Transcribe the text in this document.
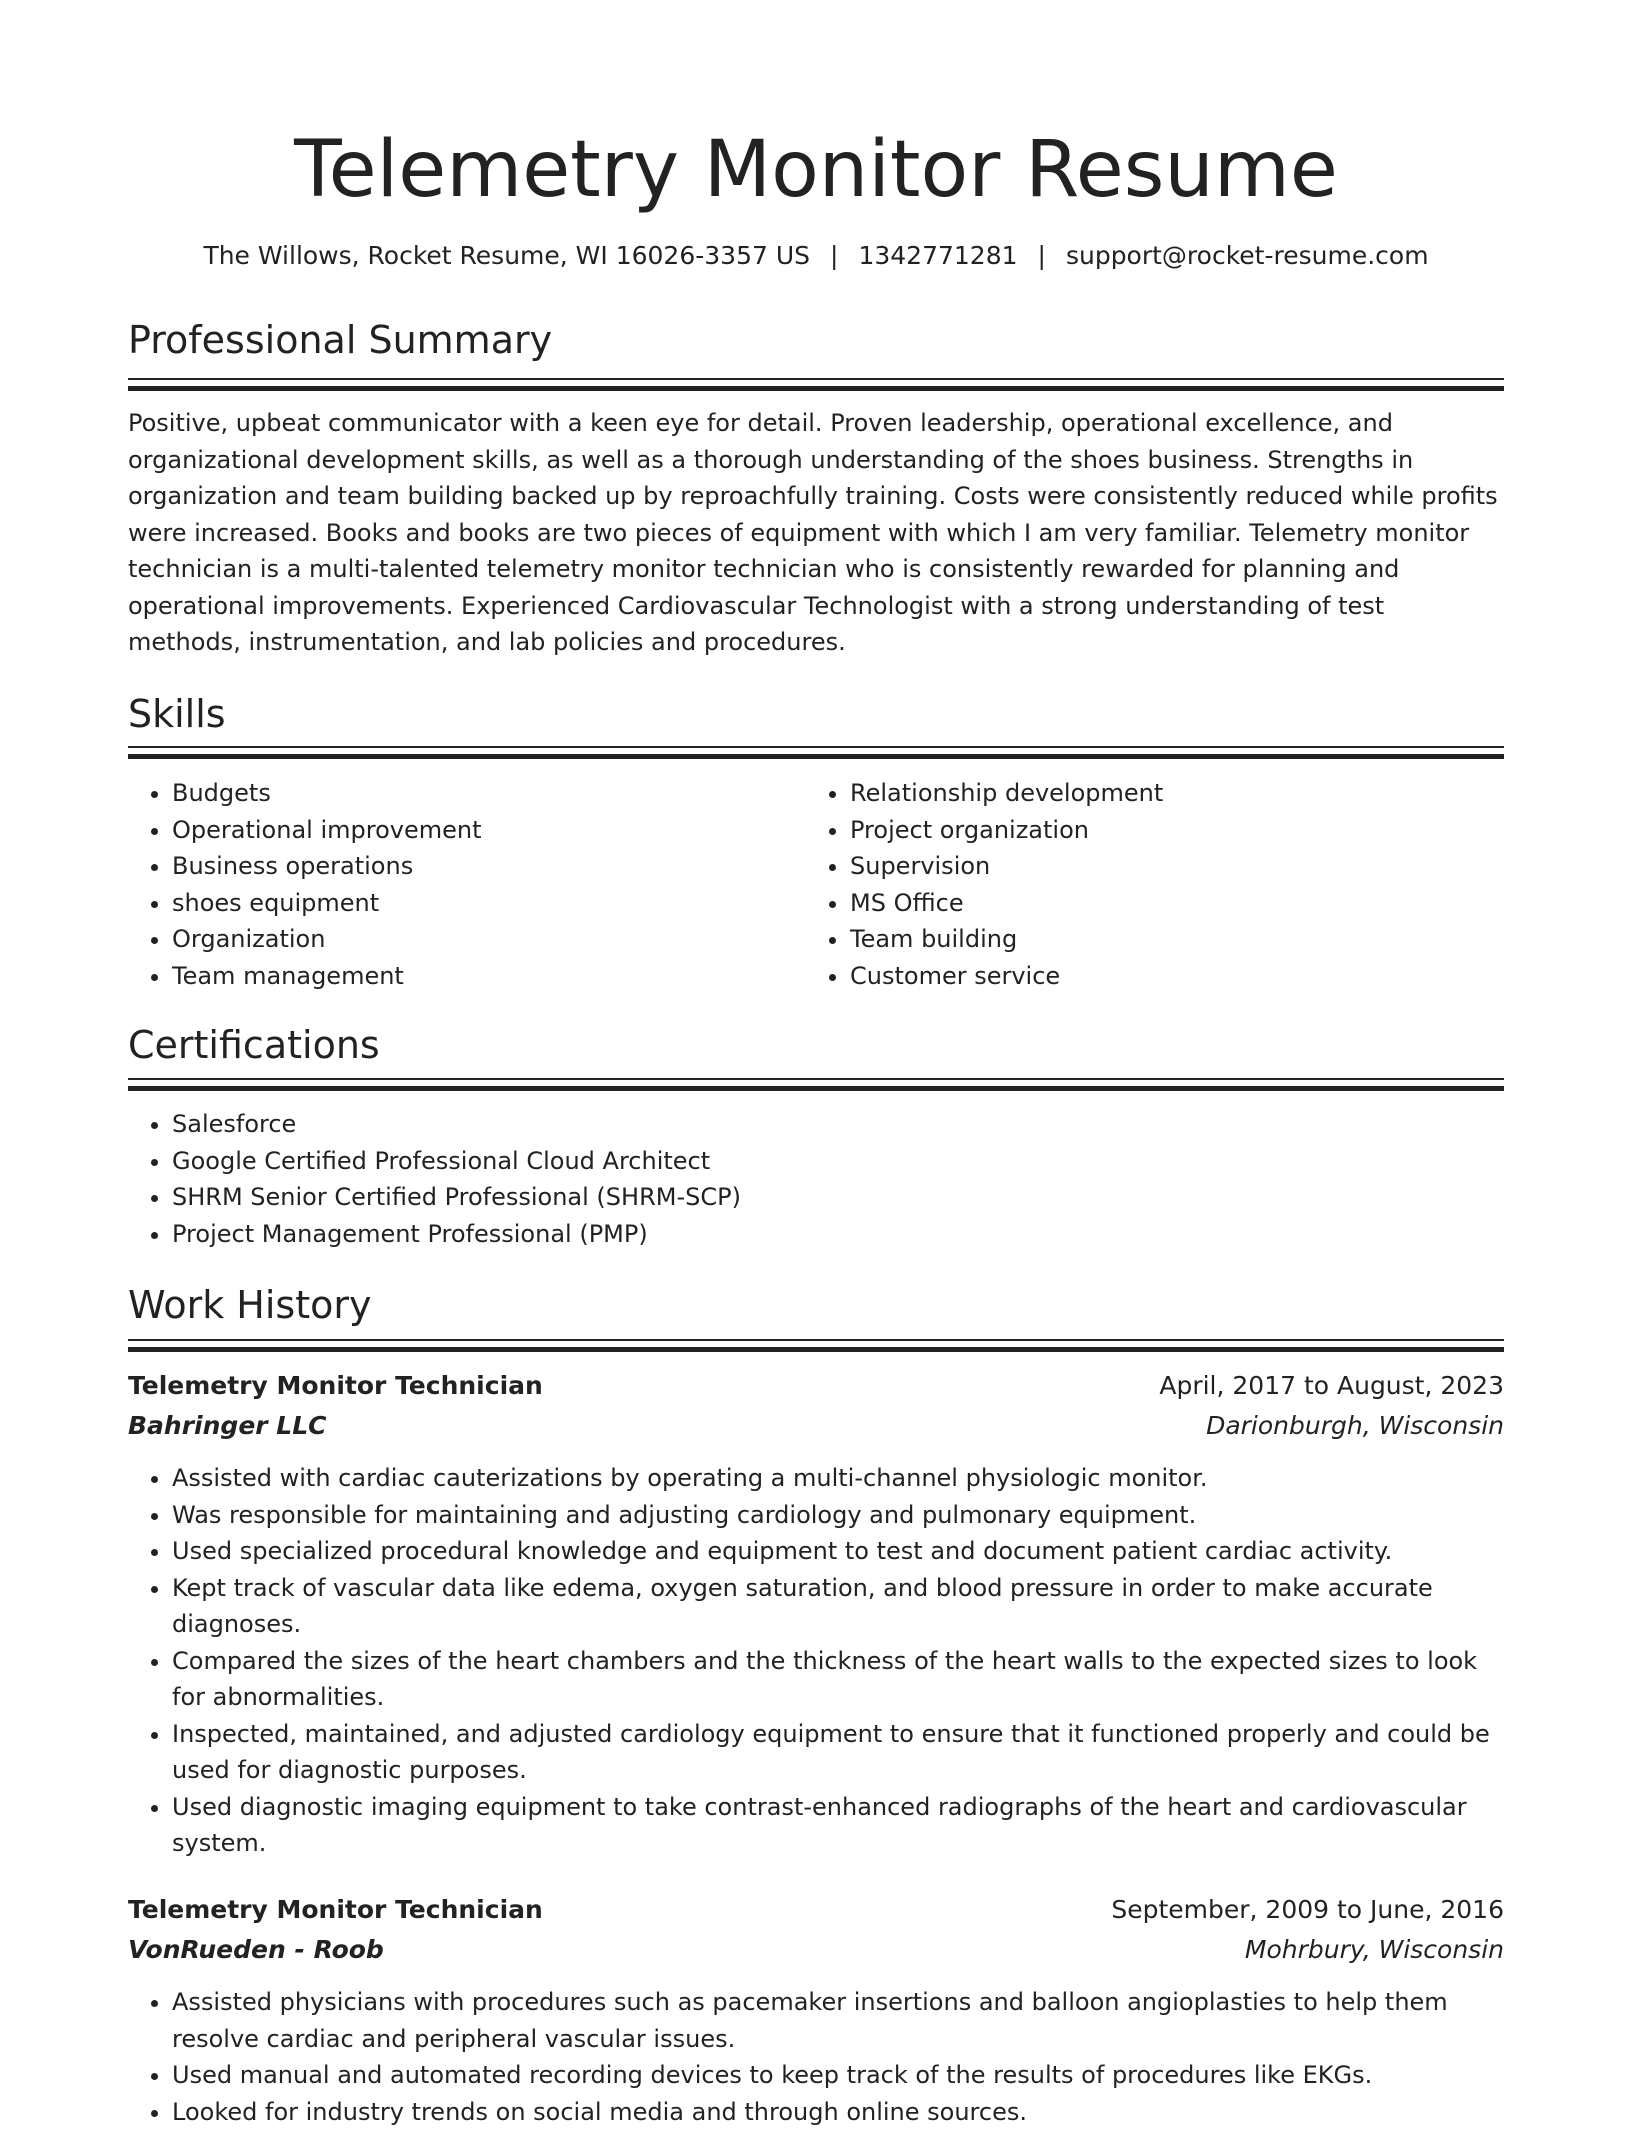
Telemetry Monitor Resume
The Willows, Rocket Resume, WI 16026-3357 US | 1342771281 | support@rocket-resume.com
Professional Summary

Positive, upbeat communicator with a keen eye for detail. Proven leadership, operational excellence, and organizational development skills, as well as a thorough understanding of the shoes business. Strengths in organization and team building backed up by reproachfully training. Costs were consistently reduced while profits were increased. Books and books are two pieces of equipment with which I am very familiar. Telemetry monitor technician is a multi-talented telemetry monitor technician who is consistently rewarded for planning and operational improvements. Experienced Cardiovascular Technologist with a strong understanding of test methods, instrumentation, and lab policies and procedures.

Skills
• Budgets
• Operational improvement
• Business operations
• shoes equipment
• Organization
• Team management
• Relationship development
• Project organization
• Supervision
• MS Office
• Team building
• Customer service
Certifications
• Salesforce
• Google Certified Professional Cloud Architect
• SHRM Senior Certified Professional (SHRM-SCP)
• Project Management Professional (PMP)
Work History
Telemetry Monitor Technician	April, 2017 to August, 2023
Bahringer LLC	Darionburgh, Wisconsin
• Assisted with cardiac cauterizations by operating a multi-channel physiologic monitor.
• Was responsible for maintaining and adjusting cardiology and pulmonary equipment.
• Used specialized procedural knowledge and equipment to test and document patient cardiac activity.
• Kept track of vascular data like edema, oxygen saturation, and blood pressure in order to make accurate diagnoses.
• Compared the sizes of the heart chambers and the thickness of the heart walls to the expected sizes to look for abnormalities.
• Inspected, maintained, and adjusted cardiology equipment to ensure that it functioned properly and could be used for diagnostic purposes.
• Used diagnostic imaging equipment to take contrast-enhanced radiographs of the heart and cardiovascular system.
Telemetry Monitor Technician	September, 2009 to June, 2016
VonRueden - Roob	Mohrbury, Wisconsin
• Assisted physicians with procedures such as pacemaker insertions and balloon angioplasties to help them resolve cardiac and peripheral vascular issues.
• Used manual and automated recording devices to keep track of the results of procedures like EKGs.
• Looked for industry trends on social media and through online sources.
